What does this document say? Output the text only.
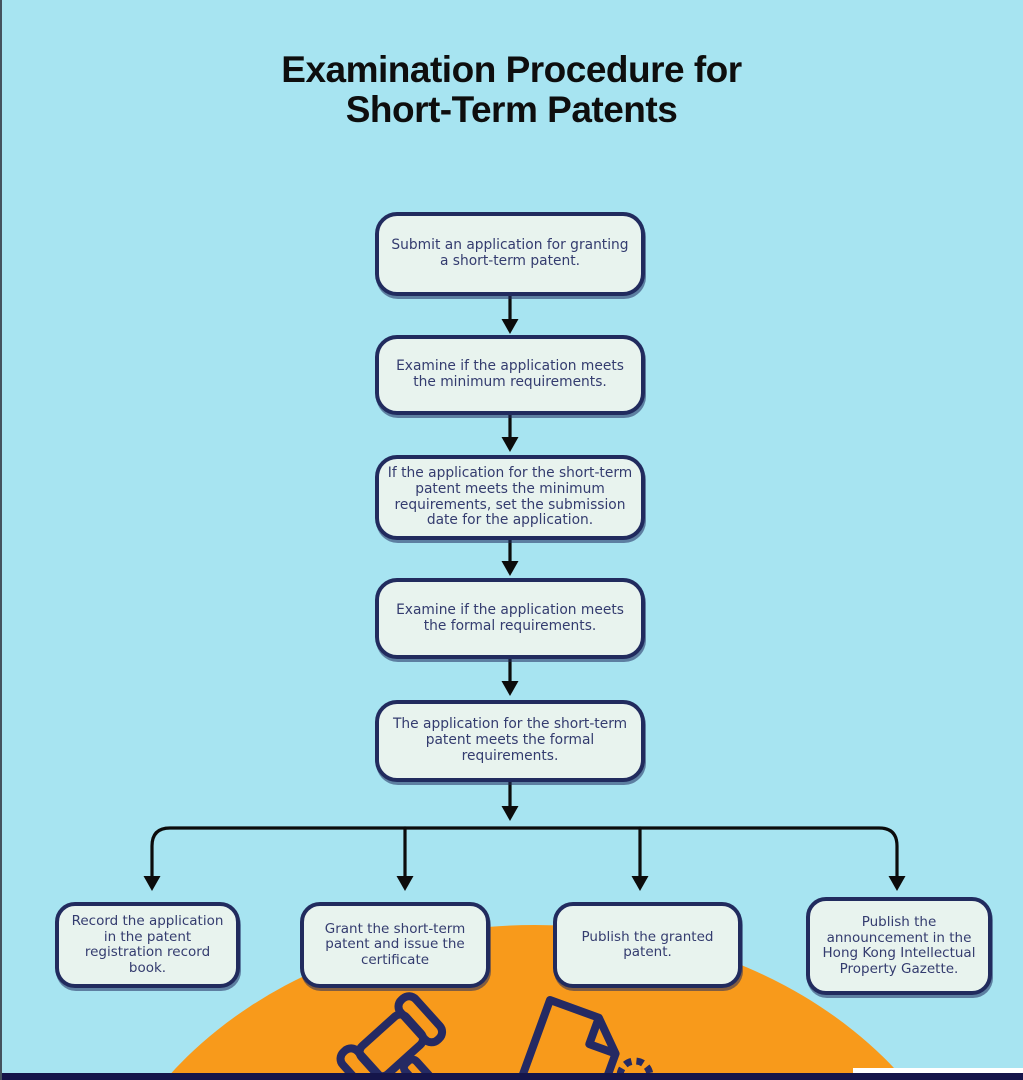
Examination Procedure for
Short-Term Patents
Submit an application for granting a short-term patent.
Examine if the application meets the minimum requirements.
If the application for the short-term patent meets the minimum requirements, set the submission date for the application.
Examine if the application meets the formal requirements.
The application for the short-term patent meets the formal requirements.
Record the application in the patent registration record book.
Grant the short-term patent and issue the certificate
Publish the granted patent.
Publish the announcement in the Hong Kong Intellectual Property Gazette.
